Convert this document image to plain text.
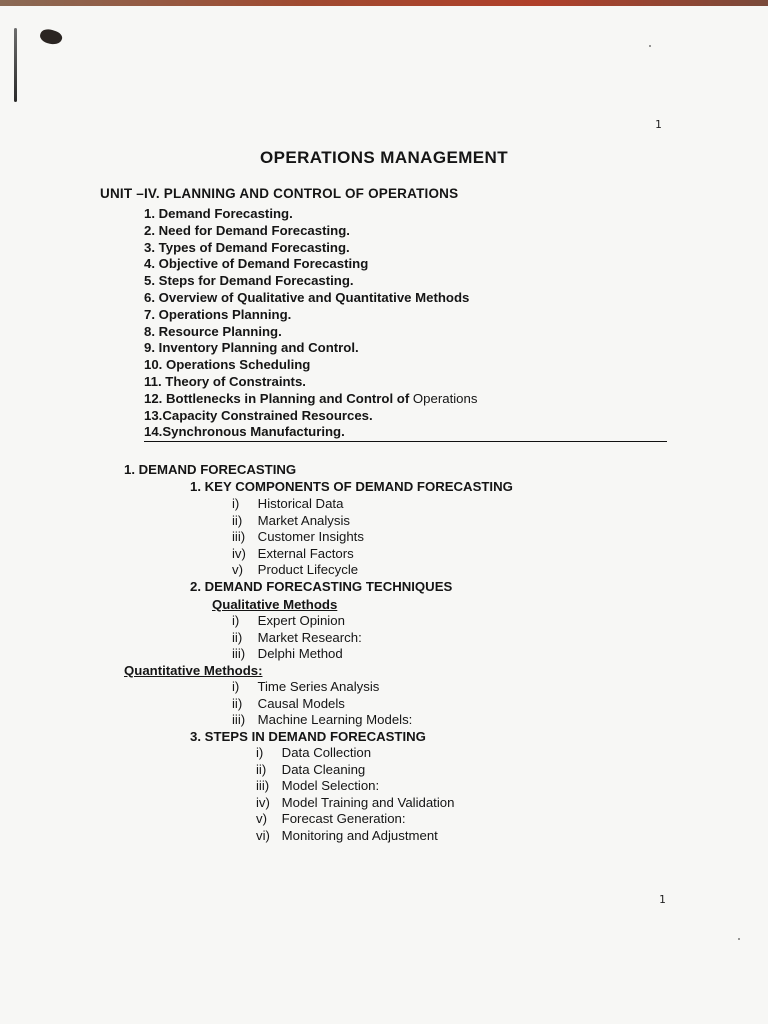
1
OPERATIONS MANAGEMENT
UNIT –IV. PLANNING AND CONTROL OF OPERATIONS
1. Demand Forecasting.
2. Need for Demand Forecasting.
3. Types of Demand Forecasting.
4. Objective of Demand Forecasting
5. Steps for Demand Forecasting.
6. Overview of Qualitative and Quantitative Methods
7. Operations Planning.
8. Resource Planning.
9. Inventory Planning and Control.
10. Operations Scheduling
11. Theory of Constraints.
12. Bottlenecks in Planning and Control of Operations
13.Capacity Constrained Resources.
14.Synchronous Manufacturing.
1. DEMAND FORECASTING
1. KEY COMPONENTS OF DEMAND FORECASTING
i) Historical Data
ii) Market Analysis
iii) Customer Insights
iv) External Factors
v) Product Lifecycle
2. DEMAND FORECASTING TECHNIQUES
Qualitative Methods
i) Expert Opinion
ii) Market Research:
iii) Delphi Method
Quantitative Methods:
i) Time Series Analysis
ii) Causal Models
iii) Machine Learning Models:
3. STEPS IN DEMAND FORECASTING
i) Data Collection
ii) Data Cleaning
iii) Model Selection:
iv) Model Training and Validation
v) Forecast Generation:
vi) Monitoring and Adjustment
1
